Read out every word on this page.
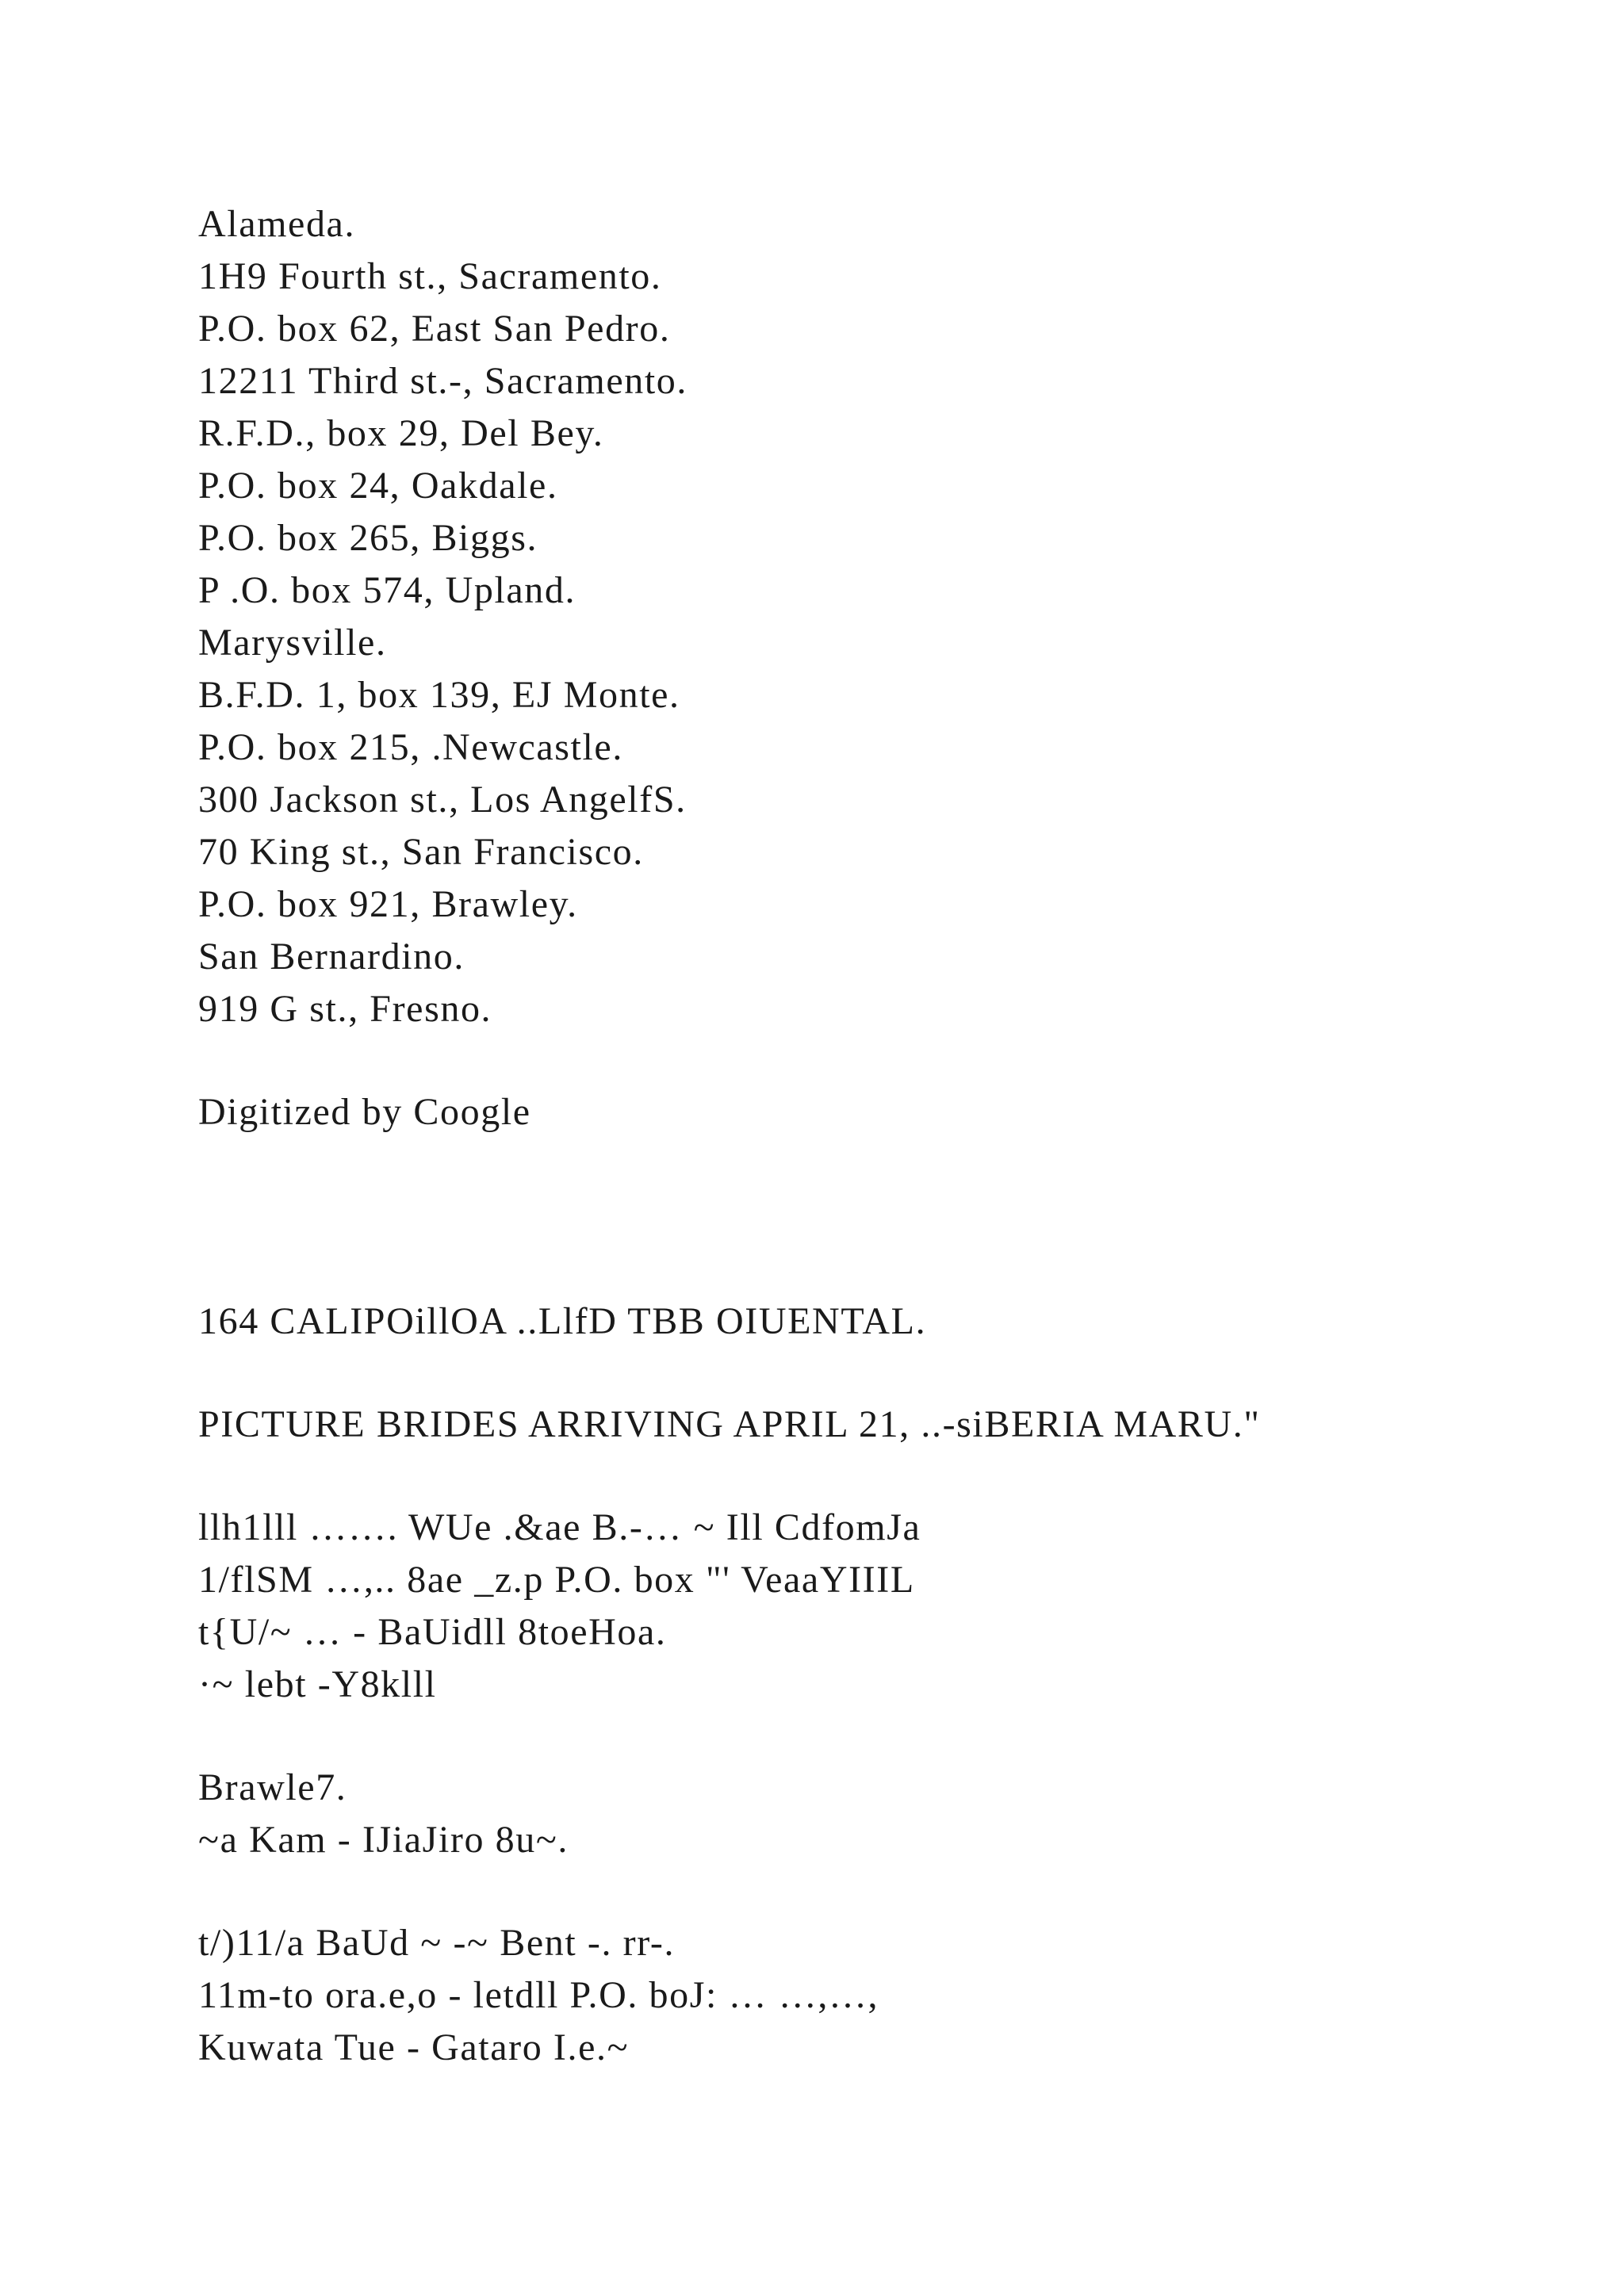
Alameda.
1H9 Fourth st., Sacramento.
P.O. box 62, East San Pedro.
12211 Third st.-, Sacramento.
R.F.D., box 29, Del Bey.
P.O. box 24, Oakdale.
P.O. box 265, Biggs.
P .O. box 574, Upland.
Marysville.
B.F.D. 1, box 139, EJ Monte.
P.O. box 215, .Newcastle.
300 Jackson st., Los AngelfS.
70 King st., San Francisco.
P.O. box 921, Brawley.
San Bernardino.
919 G st., Fresno.
Digitized by Coogle
164 CALIPOillOA ..LlfD TBB OIUENTAL.
PICTURE BRIDES ARRIVING APRIL 21, ..-siBERIA MARU."
llh1lll ……. WUe .&ae B.-… ~ Ill CdfomJa
1/flSM …,.. 8ae _z.p P.O. box "' VeaaYIIIL
t{U/~ … - BaUidll 8toeHoa.
·~ lebt -Y8klll
Brawle7.
~a Kam - IJiaJiro 8u~.
t/)11/a BaUd ~ -~ Bent -. rr-.
11m-to ora.e,o - letdll P.O. boJ: … …,…,
Kuwata Tue - Gataro I.e.~
